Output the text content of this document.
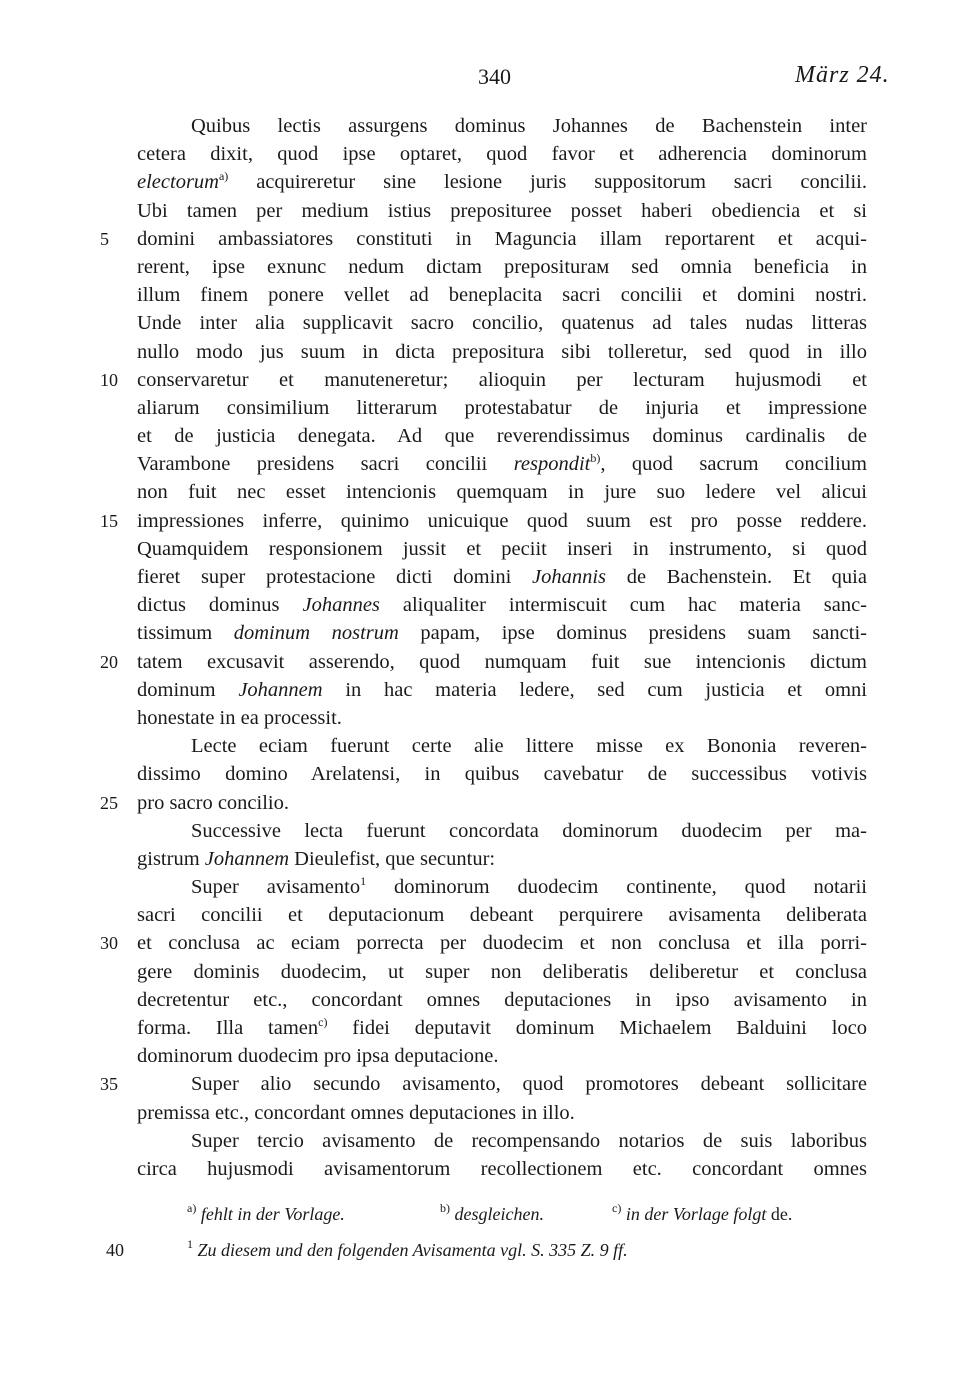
340	März 24.
Quibus lectis assurgens dominus Johannes de Bachenstein inter
cetera dixit, quod ipse optaret, quod favor et adherencia dominorum
electorum$^{a)}$ acquireretur sine lesione juris suppositorum sacri concilii.
Ubi tamen per medium istius preposituree posset haberi obediencia et si
5	domini ambassiatores constituti in Maguncia illam reportarent et acqui-
rerent, ipse exnunc nedum dictam prepositurам sed omnia beneficia in
illum finem ponere vellet ad beneplacita sacri concilii et domini nostri.
Unde inter alia supplicavit sacro concilio, quatenus ad tales nudas litteras
nullo modo jus suum in dicta prepositura sibi tolleretur, sed quod in illo
10 conservaretur et manuteneretur; alioquin per lecturam hujusmodi et
aliarum consimilium litterarum protestabatur de injuria et impressione
et de justicia denegata. Ad que reverendissimus dominus cardinalis de
Varambone presidens sacri concilii respondit$^{b)}$, quod sacrum concilium
non fuit nec esset intencionis quemquam in jure suo ledere vel alicui
15 impressiones inferre, quinimo unicuique quod suum est pro posse reddere.
Quamquidem responsionem jussit et peciit inseri in instrumento, si quod
fieret super protestacione dicti domini Johannis de Bachenstein. Et quia
dictus dominus Johannes aliqualiter intermiscuit cum hac materia sanc-
tissimum dominum nostrum papam, ipse dominus presidens suam sancti-
20 tatem excusavit asserendo, quod numquam fuit sue intencionis dictum
dominum Johannem in hac materia ledere, sed cum justicia et omni
honestate in ea processit.
Lecte eciam fuerunt certe alie littere misse ex Bononia reveren-
dissimo domino Arelatensi, in quibus cavebatur de successibus votivis
25 pro sacro concilio.
Successive lecta fuerunt concordata dominorum duodecim per ma-
gistrum Johannem Dieulefist, que secuntur:
Super avisamento$^1$ dominorum duodecim continente, quod notarii
sacri concilii et deputacionum debeant perquirere avisamenta deliberata
30 et conclusa ac eciam porrecta per duodecim et non conclusa et illa porri-
gere dominis duodecim, ut super non deliberatis deliberetur et conclusa
decretentur etc., concordant omnes deputaciones in ipso avisamento in
forma. Illa tamen$^{c)}$ fidei deputavit dominum Michaelem Balduini loco
dominorum duodecim pro ipsa deputacione.
35	Super alio secundo avisamento, quod promotores debeant sollicitare
premissa etc., concordant omnes deputaciones in illo.
Super tercio avisamento de recompensando notarios de suis laboribus
circa hujusmodi avisamentorum recollectionem etc. concordant omnes
$^{a)}$ fehlt in der Vorlage.	$^{b)}$ desgleichen.	$^{c)}$ in der Vorlage folgt de.
40	$^1$ Zu diesem und den folgenden Avisamenta vgl. S. 335 Z. 9 ff.
